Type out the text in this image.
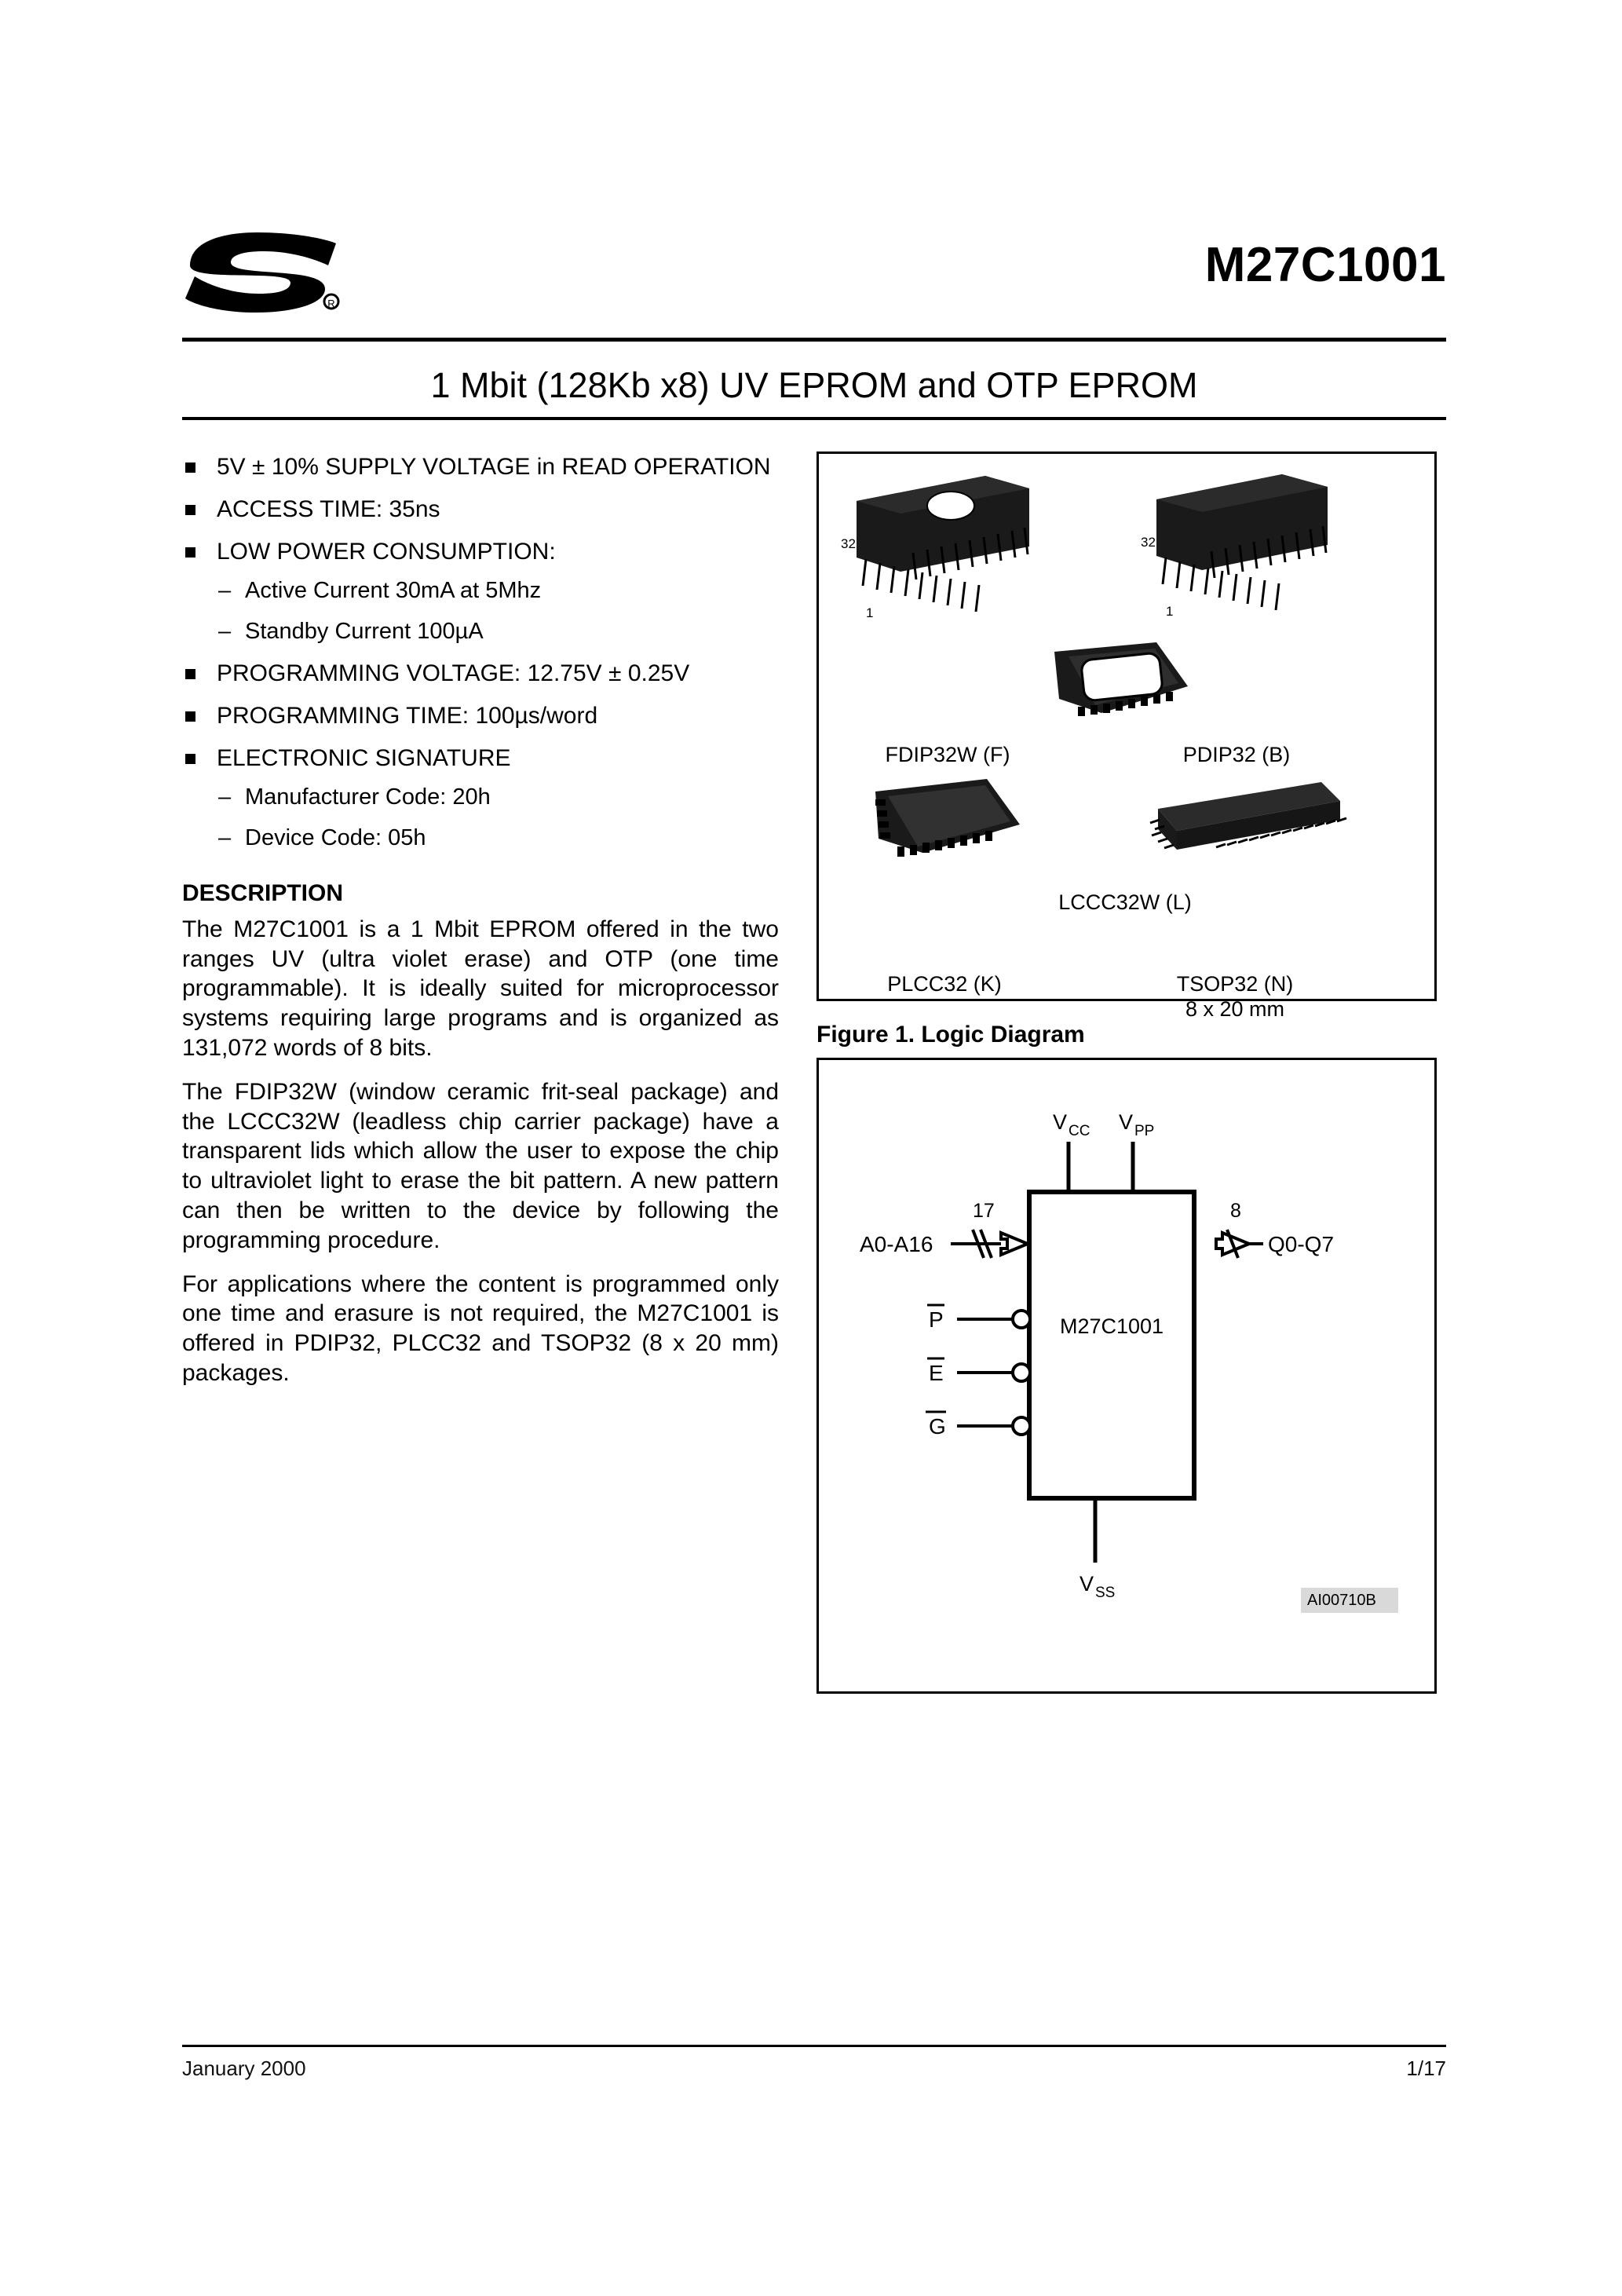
R
M27C1001
1 Mbit (128Kb x8) UV EPROM and OTP EPROM
5V ± 10% SUPPLY VOLTAGE in READ OPERATION
ACCESS TIME: 35ns
LOW POWER CONSUMPTION:
– Active Current 30mA at 5Mhz
– Standby Current 100µA
PROGRAMMING VOLTAGE: 12.75V ± 0.25V
PROGRAMMING TIME: 100µs/word
ELECTRONIC SIGNATURE
– Manufacturer Code: 20h
– Device Code: 05h
DESCRIPTION

The M27C1001 is a 1 Mbit EPROM offered in the two ranges UV (ultra violet erase) and OTP (one time programmable). It is ideally suited for microprocessor systems requiring large programs and is organized as 131,072 words of 8 bits.

The FDIP32W (window ceramic frit-seal package) and the LCCC32W (leadless chip carrier package) have a transparent lids which allow the user to expose the chip to ultraviolet light to erase the bit pattern. A new pattern can then be written to the device by following the programming procedure.

For applications where the content is programmed only one time and erasure is not required, the M27C1001 is offered in PDIP32, PLCC32 and TSOP32 (8 x 20 mm) packages.

32
1
32
1
FDIP32W (F)	PDIP32 (B)
LCCC32W (L)
PLCC32 (K)	TSOP32 (N)
8 x 20 mm
Figure 1. Logic Diagram
V CC V PP
V SS
17
A0-A16
8
Q0-Q7
P
E
G
M27C1001
AI00710B
1/17
January 2000
